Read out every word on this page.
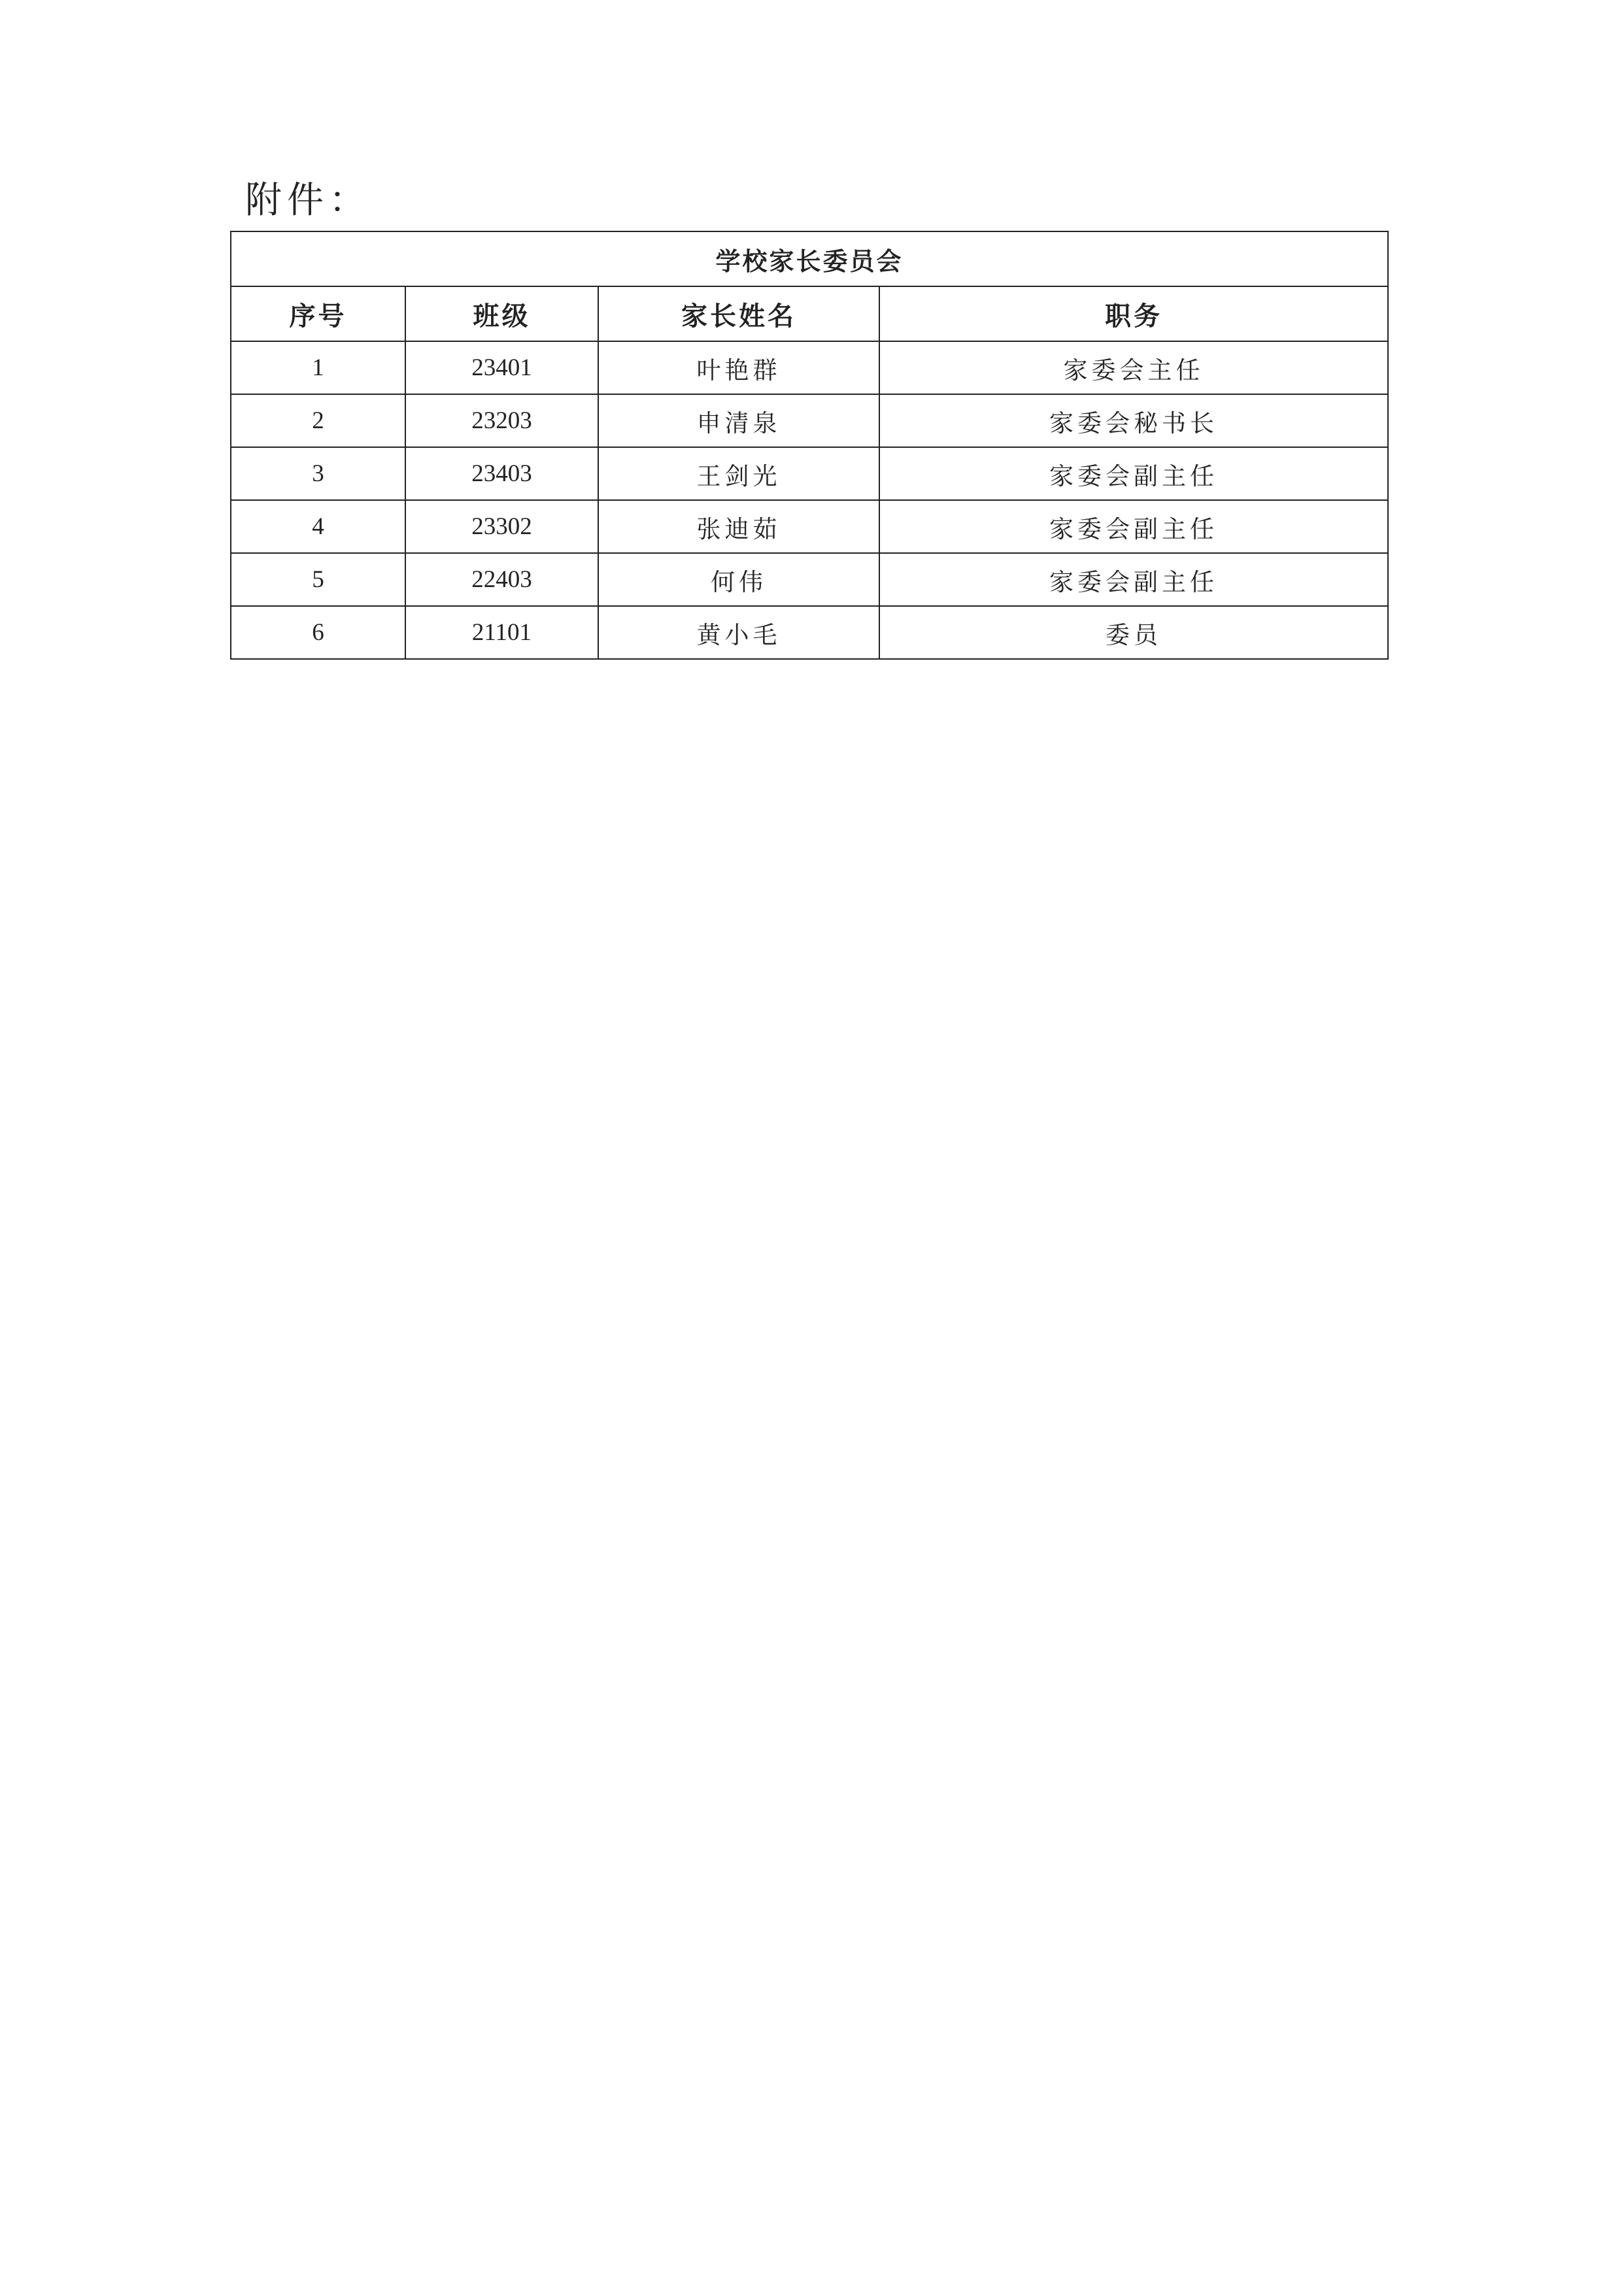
附件：
学校家长委员会			
序号	班级	家长姓名	职务
1	23401	叶艳群	家委会主任
2	23203	申清泉	家委会秘书长
3	23403	王剑光	家委会副主任
4	23302	张迪茹	家委会副主任
5	22403	何伟	家委会副主任
6	21101	黄小毛	委员
